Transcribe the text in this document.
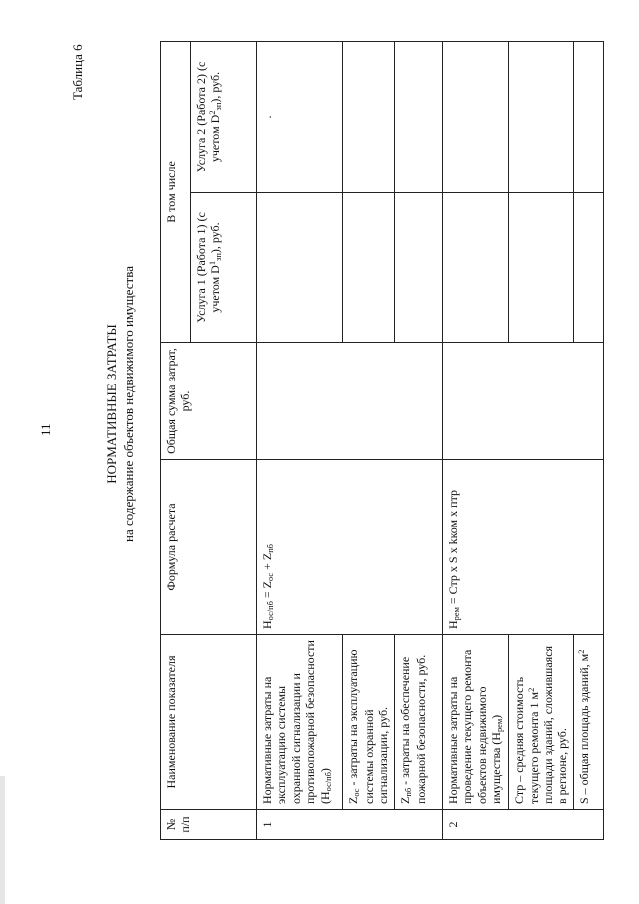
11
Таблица 6
НОРМАТИВНЫЕ ЗАТРАТЫ на содержание объектов недвижимого имущества
№ п/п	Наименование показателя	Формула расчета	Общая сумма затрат, руб.	В том числе	
				Услуга 1 (Работа 1) (с учетом $D^1_{зп}$), руб.	Услуга 2 (Работа 2) (с учетом $D^2_{зп}$), руб.
1	Нормативные затраты на эксплуатацию системы охранной сигнализации и противопожарной безопасности $(Н_{ос/пб})$	$Н_{ос/пб} = Z_{ос} + Z_{пб}$			.
	$Z_{ос}$ - затраты на эксплуатацию системы охранной сигнализации, руб.				
	$Z_{пб}$ - затраты на обеспечение пожарной безопасности, руб.				
2	Нормативные затраты на проведение текущего ремонта объектов недвижимого имущества $(Н_{рем})$	$Н_{рем}$ = Стр х S х kком х птр			
	Стр – средняя стоимость текущего ремонта 1 $м^2$ площади зданий, сложившаяся в регионе, руб.				
	S – общая площадь зданий, $м^2$		
